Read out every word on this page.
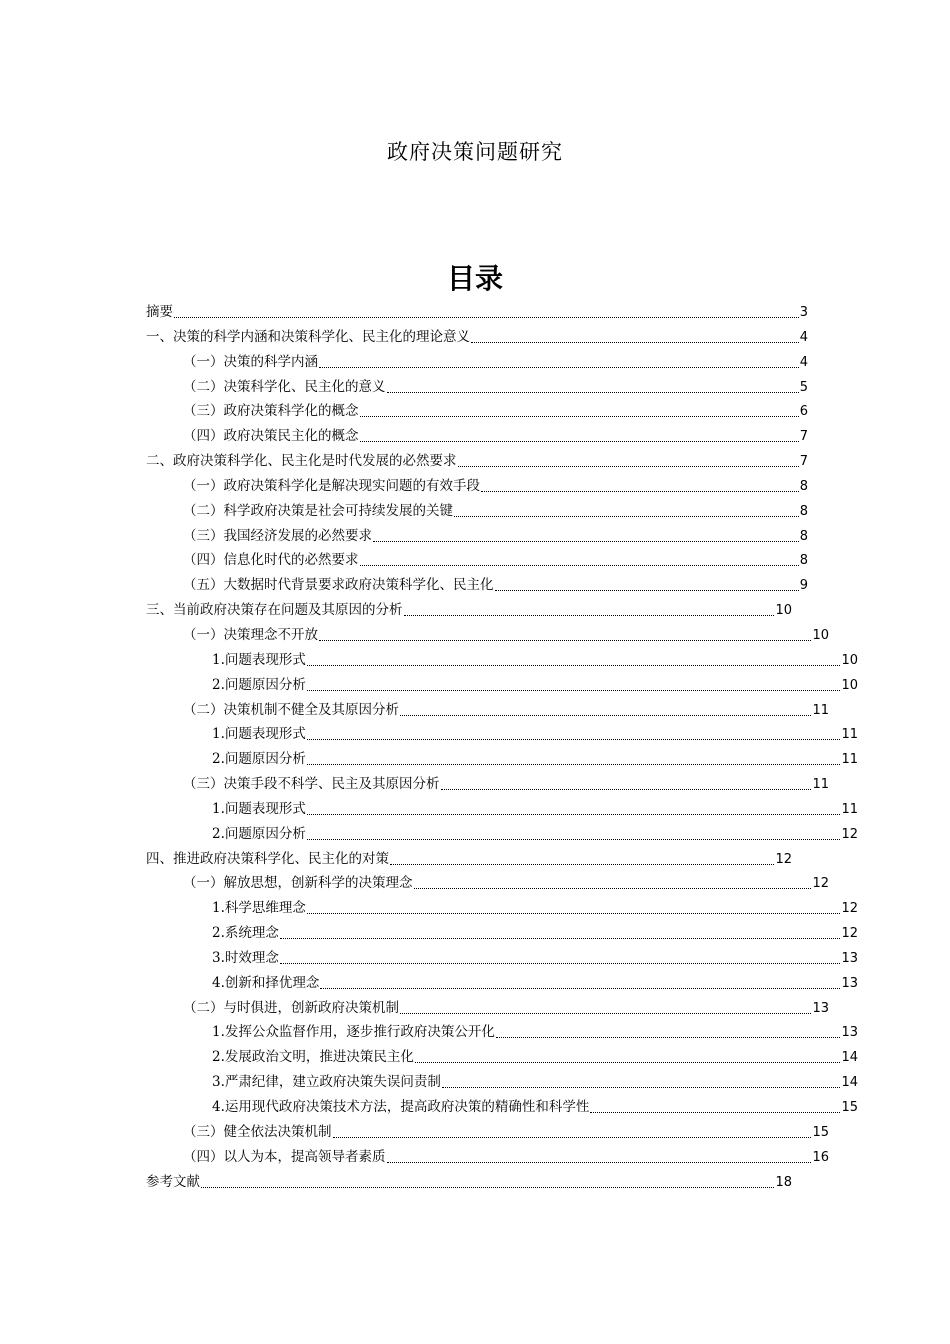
政府决策问题研究
目录
摘要	3
一、决策的科学内涵和决策科学化、民主化的理论意义	4
（一）决策的科学内涵	4
（二）决策科学化、民主化的意义	5
（三）政府决策科学化的概念	6
（四）政府决策民主化的概念	7
二、政府决策科学化、民主化是时代发展的必然要求	7
（一）政府决策科学化是解决现实问题的有效手段	8
（二）科学政府决策是社会可持续发展的关键	8
（三）我国经济发展的必然要求	8
（四）信息化时代的必然要求	8
（五）大数据时代背景要求政府决策科学化、民主化	9
三、当前政府决策存在问题及其原因的分析	10
（一）决策理念不开放	10
1.问题表现形式	10
2.问题原因分析	10
（二）决策机制不健全及其原因分析	11
1.问题表现形式	11
2.问题原因分析	11
（三）决策手段不科学、民主及其原因分析	11
1.问题表现形式	11
2.问题原因分析	12
四、推进政府决策科学化、民主化的对策	12
（一）解放思想，创新科学的决策理念	12
1.科学思维理念	12
2.系统理念	12
3.时效理念	13
4.创新和择优理念	13
（二）与时俱进，创新政府决策机制	13
1.发挥公众监督作用，逐步推行政府决策公开化	13
2.发展政治文明，推进决策民主化	14
3.严肃纪律，建立政府决策失误问责制	14
4.运用现代政府决策技术方法，提高政府决策的精确性和科学性	15
（三）健全依法决策机制	15
（四）以人为本，提高领导者素质	16
参考文献	18
